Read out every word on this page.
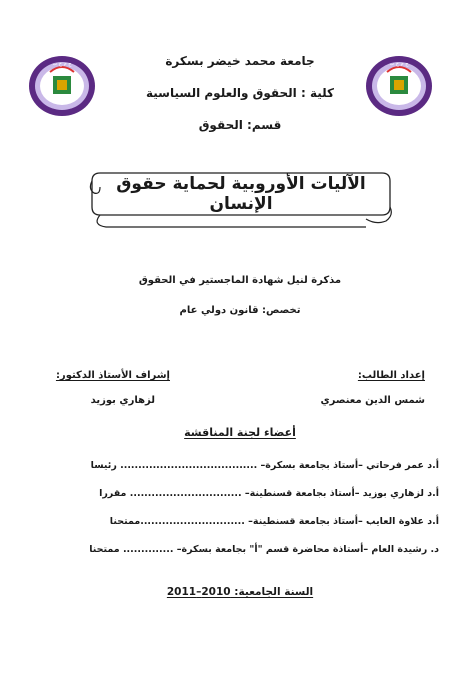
ج م خ ب	ج م خ ب
جامعة محمد خيضر بسكرة
كلية : الحقوق والعلوم السياسية
قسم: الحقوق
الآليات الأوروبية لحماية حقوق الإنسان
مذكرة لنيل شهادة الماجستير في الحقوق
تخصص: قانون دولي عام
إعداد الطالب:
شمس الدين معنصري
إشراف الأستاذ الدكتور:
لزهاري بوزيد
أعضاء لجنة المناقشة
أ.د عمر فرحاتي –أستاذ بجامعة بسكرة– ...................................... رئيسا
أ.د لزهاري بوزيد –أستاذ بجامعة قسنطينة– ............................... مقررا
أ.د علاوة العايب –أستاذ بجامعة قسنطينة– .............................ممتحنا
د. رشيدة العام –أستاذة محاضرة قسم "أ" بجامعة بسكرة– .............. ممتحنا
السنة الجامعية: 2010–2011
